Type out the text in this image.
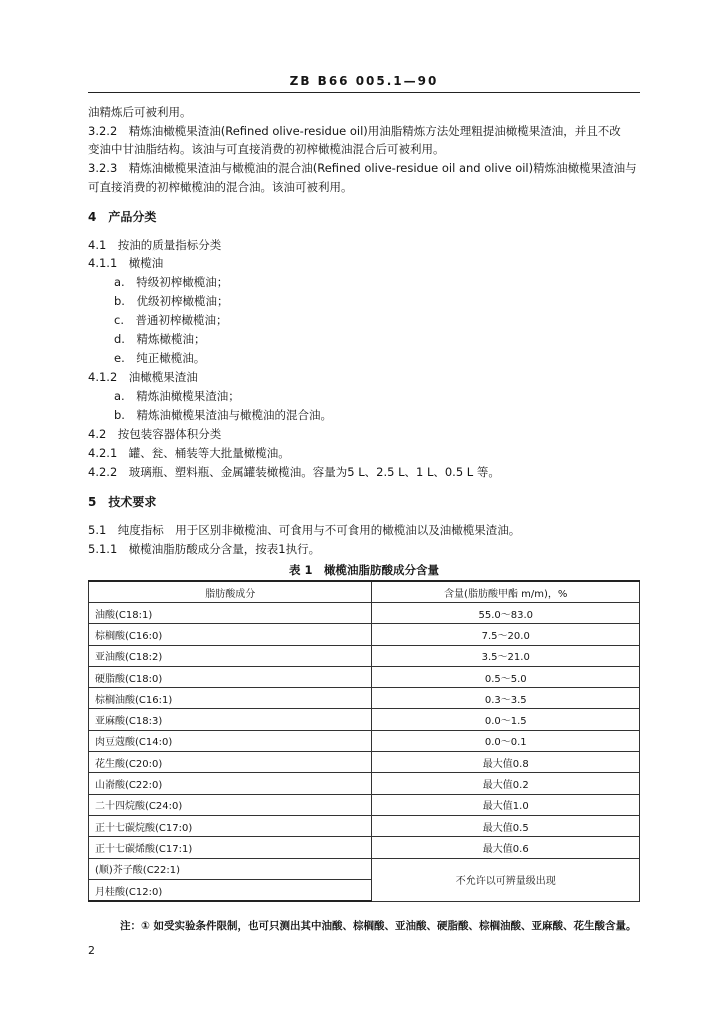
ZB B66 005.1—90
油精炼后可被利用。
3.2.2　精炼油橄榄果渣油(Refined olive-residue oil)用油脂精炼方法处理粗提油橄榄果渣油，并且不改
变油中甘油脂结构。该油与可直接消费的初榨橄榄油混合后可被利用。
3.2.3　精炼油橄榄果渣油与橄榄油的混合油(Refined olive-residue oil and olive oil)精炼油橄榄果渣油与
可直接消费的初榨橄榄油的混合油。该油可被利用。
4　产品分类
4.1　按油的质量指标分类
4.1.1　橄榄油
a.　特级初榨橄榄油；
b.　优级初榨橄榄油；
c.　普通初榨橄榄油；
d.　精炼橄榄油；
e.　纯正橄榄油。
4.1.2　油橄榄果渣油
a.　精炼油橄榄果渣油；
b.　精炼油橄榄果渣油与橄榄油的混合油。
4.2　按包装容器体积分类
4.2.1　罐、瓮、桶装等大批量橄榄油。
4.2.2　玻璃瓶、塑料瓶、金属罐装橄榄油。容量为5 L、2.5 L、1 L、0.5 L 等。
5　技术要求
5.1　纯度指标　用于区别非橄榄油、可食用与不可食用的橄榄油以及油橄榄果渣油。
5.1.1　橄榄油脂肪酸成分含量，按表1执行。
表 1　橄榄油脂肪酸成分含量
脂肪酸成分	含量(脂肪酸甲酯 m/m)，%
油酸(C18:1)	55.0～83.0
棕榈酸(C16:0)	7.5～20.0
亚油酸(C18:2)	3.5～21.0
硬脂酸(C18:0)	0.5～5.0
棕榈油酸(C16:1)	0.3～3.5
亚麻酸(C18:3)	0.0～1.5
肉豆蔻酸(C14:0)	0.0～0.1
花生酸(C20:0)	最大值0.8
山嵛酸(C22:0)	最大值0.2
二十四烷酸(C24:0)	最大值1.0
正十七碳烷酸(C17:0)	最大值0.5
正十七碳烯酸(C17:1)	最大值0.6
(顺)芥子酸(C22:1)	不允许以可辨量级出现
月桂酸(C12:0)	
注：① 如受实验条件限制，也可只测出其中油酸、棕榈酸、亚油酸、硬脂酸、棕榈油酸、亚麻酸、花生酸含量。
2
